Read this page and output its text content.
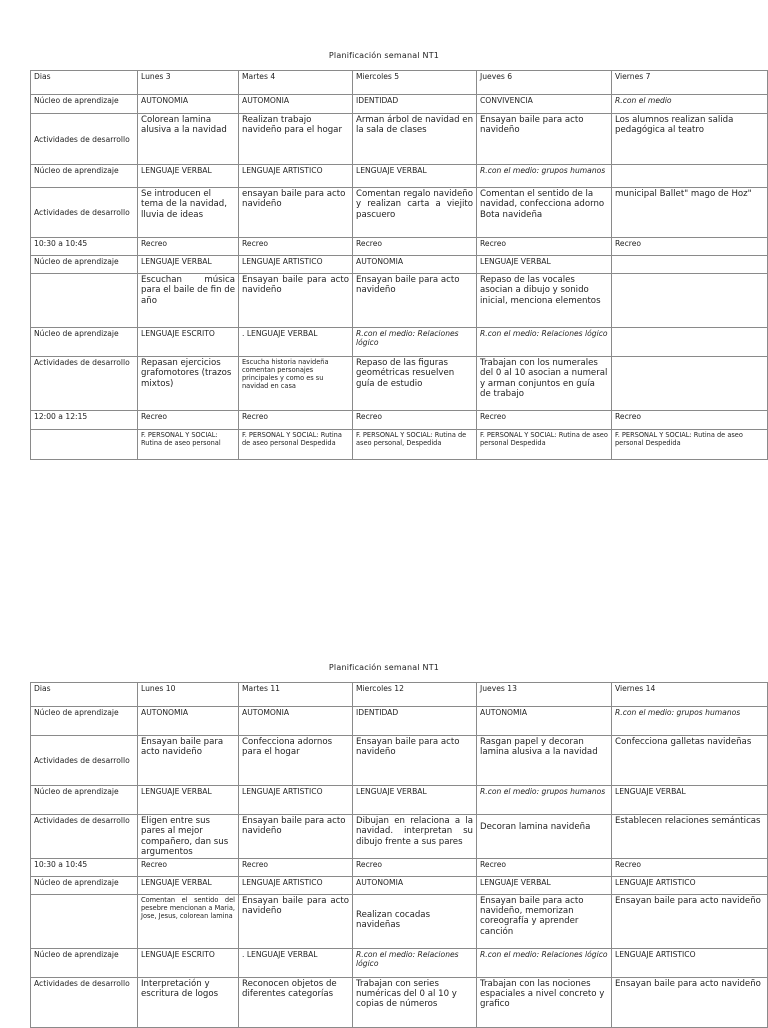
Planificación semanal NT1
Dias	Lunes 3	Martes 4	Miercoles 5	Jueves 6	Viernes 7
Núcleo de aprendizaje	AUTONOMIA	AUTOMONIA	IDENTIDAD	CONVIVENCIA	R.con el medio
Actividades de desarrollo	Colorean lamina alusiva a la navidad	Realizan trabajo navideño para el hogar	Arman árbol de navidad en la sala de clases	Ensayan baile para acto navideño	Los alumnos realizan salida pedagógica al teatro

Núcleo de aprendizaje	LENGUAJE VERBAL	LENGUAJE ARTISTICO	LENGUAJE VERBAL	R.con el medio: grupos humanos	
Actividades de desarrollo	Se introducen el tema de la navidad, lluvia de ideas	ensayan baile para acto navideño	Comentan regalo navideño y realizan carta a viejito pascuero	Comentan el sentido de la navidad, confecciona adorno Bota navideña	municipal Ballet" mago de Hoz"

10:30 a 10:45	Recreo	Recreo	Recreo	Recreo	Recreo
Núcleo de aprendizaje	LENGUAJE VERBAL	LENGUAJE ARTISTICO	AUTONOMIA	LENGUAJE VERBAL	

	Escuchan música para el baile de fin de año	Ensayan baile para acto navideño	Ensayan baile para acto navideño	Repaso de las vocales asocian a dibujo y sonido inicial, menciona elementos	

Núcleo de aprendizaje	LENGUAJE ESCRITO	. LENGUAJE VERBAL	R.con el medio: Relaciones lógico	R.con el medio: Relaciones lógico	
Actividades de desarrollo	Repasan ejercicios grafomotores (trazos mixtos)	Escucha historia navideña comentan personajes principales y como es su navidad en casa	Repaso de las figuras geométricas resuelven guía de estudio	Trabajan con los numerales del 0 al 10 asocian a numeral y arman conjuntos en guía de trabajo	

12:00 a 12:15	Recreo	Recreo	Recreo	Recreo	Recreo

	F. PERSONAL Y SOCIAL: Rutina de aseo personal	F. PERSONAL Y SOCIAL: Rutina de aseo personal Despedida	F. PERSONAL Y SOCIAL: Rutina de aseo personal, Despedida	F. PERSONAL Y SOCIAL: Rutina de aseo personal Despedida	F. PERSONAL Y SOCIAL: Rutina de aseo personal Despedida
Planificación semanal NT1
Dias	Lunes 10	Martes 11	Miercoles 12	Jueves 13	Viernes 14
Núcleo de aprendizaje	AUTONOMIA	AUTOMONIA	IDENTIDAD	AUTONOMIA	R.con el medio: grupos humanos
Actividades de desarrollo	Ensayan baile para acto navideño	Confecciona adornos para el hogar	Ensayan baile para acto navideño	Rasgan papel y decoran lamina alusiva a la navidad	Confecciona galletas navideñas

Núcleo de aprendizaje	LENGUAJE VERBAL	LENGUAJE ARTISTICO	LENGUAJE VERBAL	R.con el medio: grupos humanos	LENGUAJE VERBAL
Actividades de desarrollo	Eligen entre sus pares al mejor compañero, dan sus argumentos	Ensayan baile para acto navideño	Dibujan en relaciona a la navidad. interpretan su dibujo frente a sus pares	Decoran lamina navideña	Establecen relaciones semánticas

10:30 a 10:45	Recreo	Recreo	Recreo	Recreo	Recreo
Núcleo de aprendizaje	LENGUAJE VERBAL	LENGUAJE ARTISTICO	AUTONOMIA	LENGUAJE VERBAL	LENGUAJE ARTISTICO

	Comentan el sentido del pesebre mencionan a Maria, Jose, Jesus, colorean lamina	Ensayan baile para acto navideño	Realizan cocadas navideñas	Ensayan baile para acto navideño, memorizan coreografía y aprender canción	Ensayan baile para acto navideño

Núcleo de aprendizaje	LENGUAJE ESCRITO	. LENGUAJE VERBAL	R.con el medio: Relaciones lógico	R.con el medio: Relaciones lógico	LENGUAJE ARTISTICO
Actividades de desarrollo	Interpretación y escritura de logos	Reconocen objetos de diferentes categorías	Trabajan con series numéricas del 0 al 10 y copias de números	Trabajan con las nociones espaciales a nivel concreto y grafico	Ensayan baile para acto navideño
